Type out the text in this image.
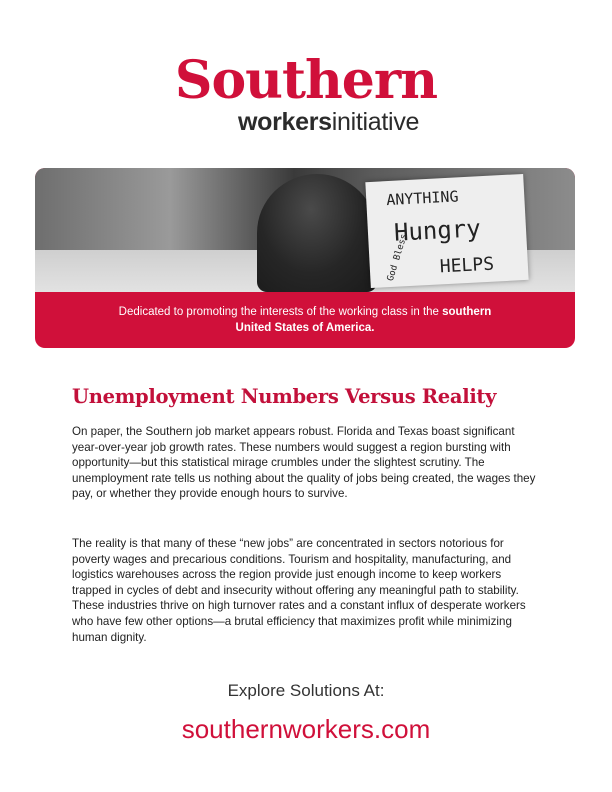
Southern
workersinitiative
ANYTHING
Hungry
God Bless HELPS
Dedicated to promoting the interests of the working class in the southern
United States of America.
Unemployment Numbers Versus Reality

On paper, the Southern job market appears robust. Florida and Texas boast significant year-over-year job growth rates. These numbers would suggest a region bursting with opportunity—but this statistical mirage crumbles under the slightest scrutiny. The unemployment rate tells us nothing about the quality of jobs being created, the wages they pay, or whether they provide enough hours to survive.

The reality is that many of these “new jobs” are concentrated in sectors notorious for poverty wages and precarious conditions. Tourism and hospitality, manufacturing, and logistics warehouses across the region provide just enough income to keep workers trapped in cycles of debt and insecurity without offering any meaningful path to stability. These industries thrive on high turnover rates and a constant influx of desperate workers who have few other options—a brutal efficiency that maximizes profit while minimizing human dignity.

Explore Solutions At:
southernworkers.com
